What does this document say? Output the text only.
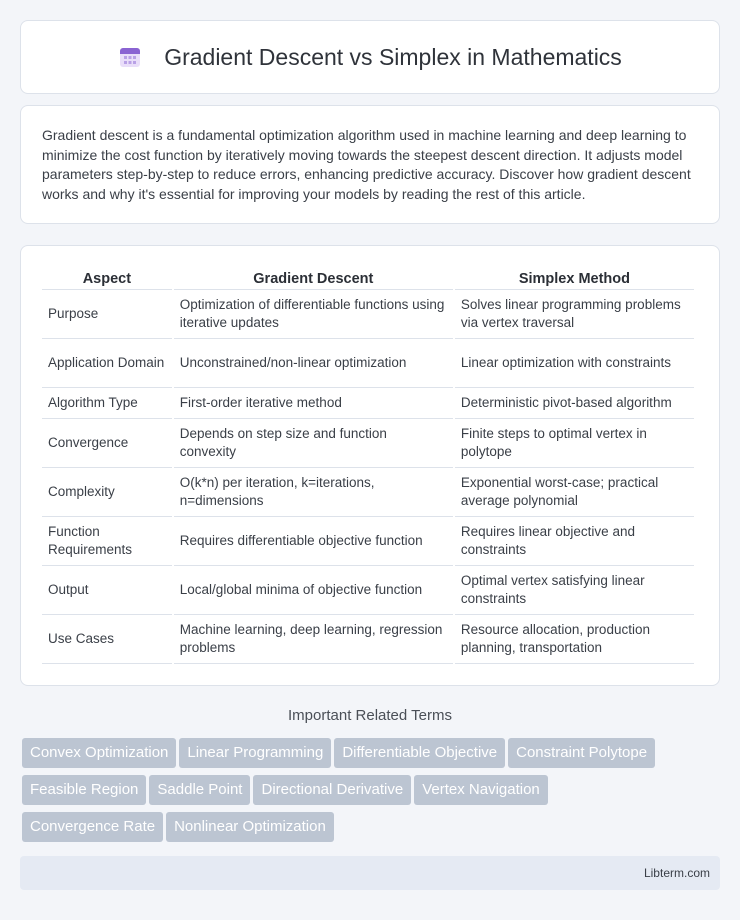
Gradient Descent vs Simplex in Mathematics

Gradient descent is a fundamental optimization algorithm used in machine learning and deep learning to minimize the cost function by iteratively moving towards the steepest descent direction. It adjusts model parameters step-by-step to reduce errors, enhancing predictive accuracy. Discover how gradient descent works and why it's essential for improving your models by reading the rest of this article.

Aspect	Gradient Descent	Simplex Method
Purpose	Optimization of differentiable functions using iterative updates	Solves linear programming problems via vertex traversal
Application Domain	Unconstrained/non-linear optimization	Linear optimization with constraints
Algorithm Type	First-order iterative method	Deterministic pivot-based algorithm
Convergence	Depends on step size and function convexity	Finite steps to optimal vertex in polytope
Complexity	O(k*n) per iteration, k=iterations, n=dimensions	Exponential worst-case; practical average polynomial
Function Requirements	Requires differentiable objective function	Requires linear objective and constraints
Output	Local/global minima of objective function	Optimal vertex satisfying linear constraints
Use Cases	Machine learning, deep learning, regression problems	Resource allocation, production planning, transportation
Important Related Terms
Convex Optimization Linear Programming Differentiable Objective Constraint Polytope
Feasible Region Saddle Point Directional Derivative Vertex Navigation
Convergence Rate Nonlinear Optimization
Libterm.com
